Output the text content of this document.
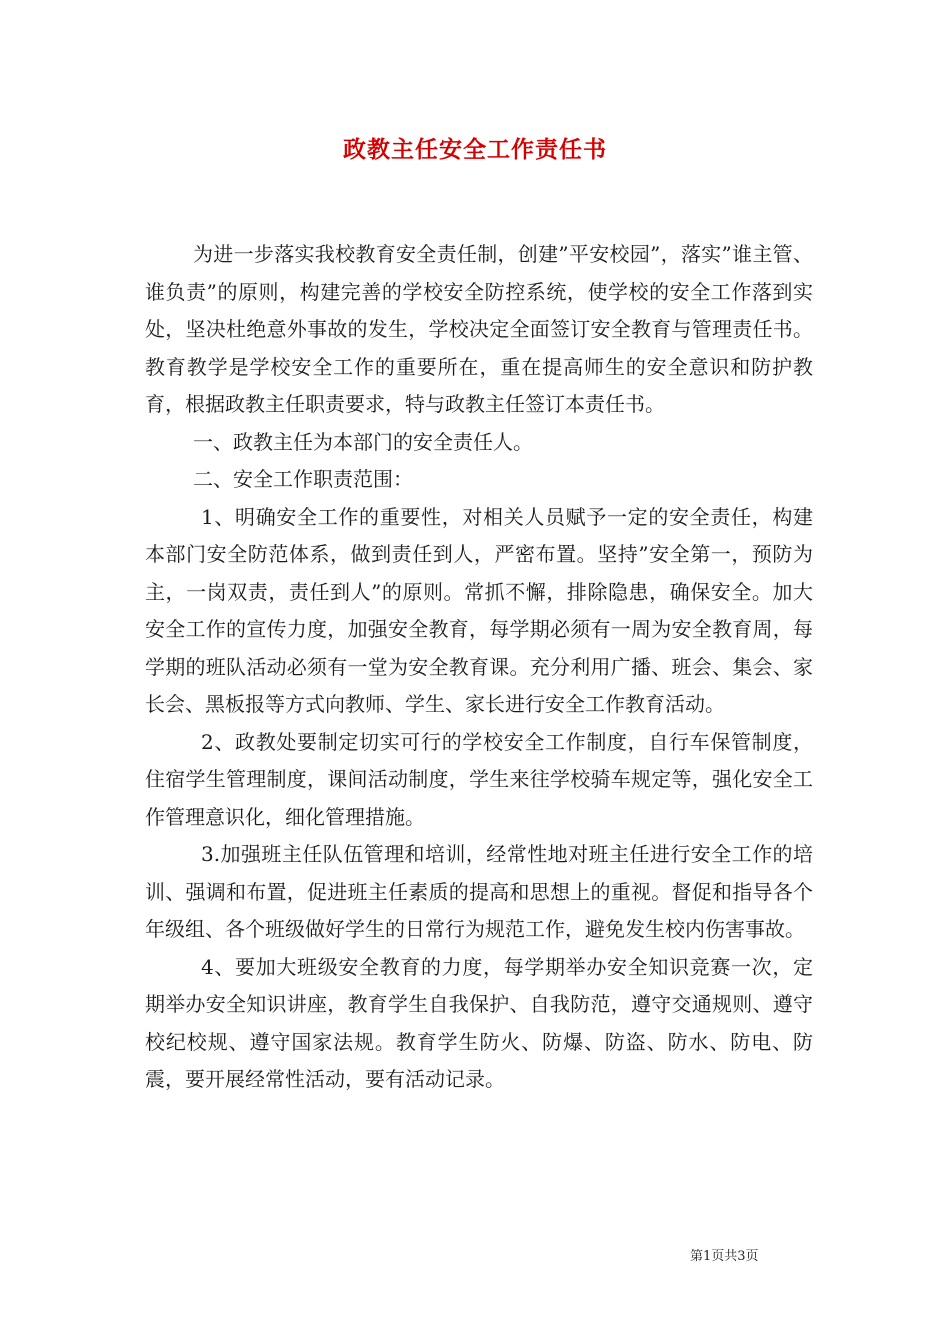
政教主任安全工作责任书

为进一步落实我校教育安全责任制，创建”平安校园”，落实”谁主管、谁负责”的原则，构建完善的学校安全防控系统，使学校的安全工作落到实处，坚决杜绝意外事故的发生，学校决定全面签订安全教育与管理责任书。教育教学是学校安全工作的重要所在，重在提高师生的安全意识和防护教育，根据政教主任职责要求，特与政教主任签订本责任书。

一、政教主任为本部门的安全责任人。

二、安全工作职责范围：

1、明确安全工作的重要性，对相关人员赋予一定的安全责任，构建本部门安全防范体系，做到责任到人，严密布置。坚持”安全第一，预防为主，一岗双责，责任到人”的原则。常抓不懈，排除隐患，确保安全。加大安全工作的宣传力度，加强安全教育，每学期必须有一周为安全教育周，每学期的班队活动必须有一堂为安全教育课。充分利用广播、班会、集会、家长会、黑板报等方式向教师、学生、家长进行安全工作教育活动。

2、政教处要制定切实可行的学校安全工作制度，自行车保管制度，住宿学生管理制度，课间活动制度，学生来往学校骑车规定等，强化安全工作管理意识化，细化管理措施。

3.加强班主任队伍管理和培训，经常性地对班主任进行安全工作的培训、强调和布置，促进班主任素质的提高和思想上的重视。督促和指导各个年级组、各个班级做好学生的日常行为规范工作，避免发生校内伤害事故。

4、要加大班级安全教育的力度，每学期举办安全知识竞赛一次，定期举办安全知识讲座，教育学生自我保护、自我防范，遵守交通规则、遵守校纪校规、遵守国家法规。教育学生防火、防爆、防盗、防水、防电、防震，要开展经常性活动，要有活动记录。

第1页共3页
